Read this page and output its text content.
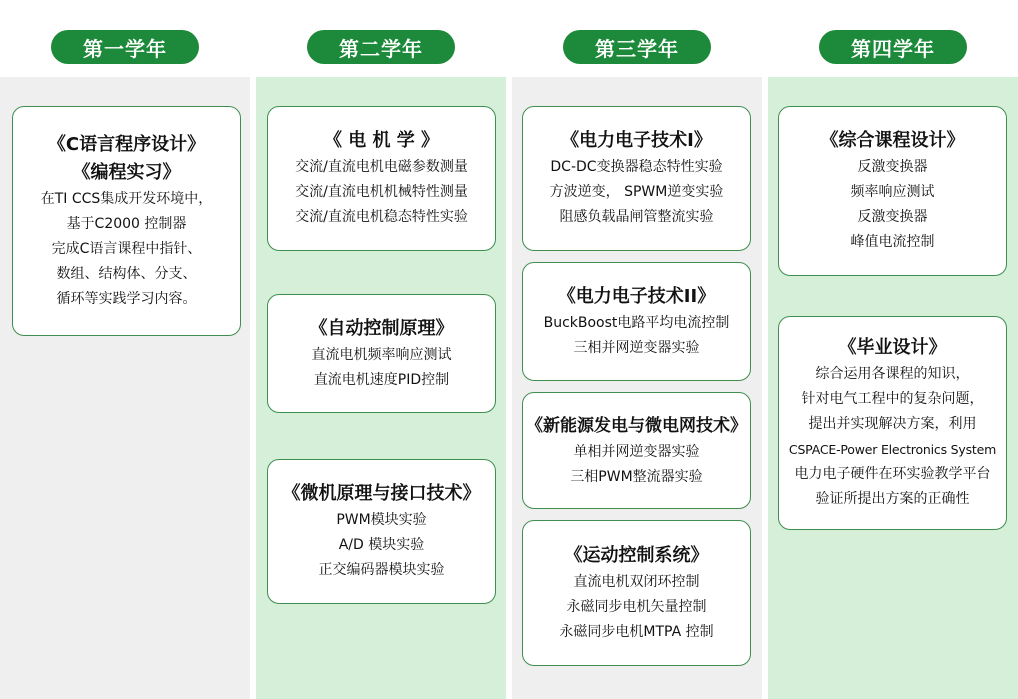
第一学年	第二学年	第三学年	第四学年
《C语言程序设计》
《编程实习》
在TI CCS集成开发环境中，
基于C2000 控制器
完成C语言课程中指针、
数组、结构体、分支、
循环等实践学习内容。
《 电 机 学 》
交流/直流电机电磁参数测量
交流/直流电机机械特性测量
交流/直流电机稳态特性实验
《自动控制原理》
直流电机频率响应测试
直流电机速度PID控制
《微机原理与接口技术》
PWM模块实验
A/D 模块实验
正交编码器模块实验
《电力电子技术I》
DC-DC变换器稳态特性实验
方波逆变， SPWM逆变实验
阻感负载晶闸管整流实验
《电力电子技术II》
BuckBoost电路平均电流控制
三相并网逆变器实验
《新能源发电与微电网技术》
单相并网逆变器实验
三相PWM整流器实验
《运动控制系统》
直流电机双闭环控制
永磁同步电机矢量控制
永磁同步电机MTPA 控制
《综合课程设计》
反激变换器
频率响应测试
反激变换器
峰值电流控制
《毕业设计》
综合运用各课程的知识，
针对电气工程中的复杂问题，
提出并实现解决方案，利用
CSPACE-Power Electronics System
电力电子硬件在环实验教学平台
验证所提出方案的正确性
